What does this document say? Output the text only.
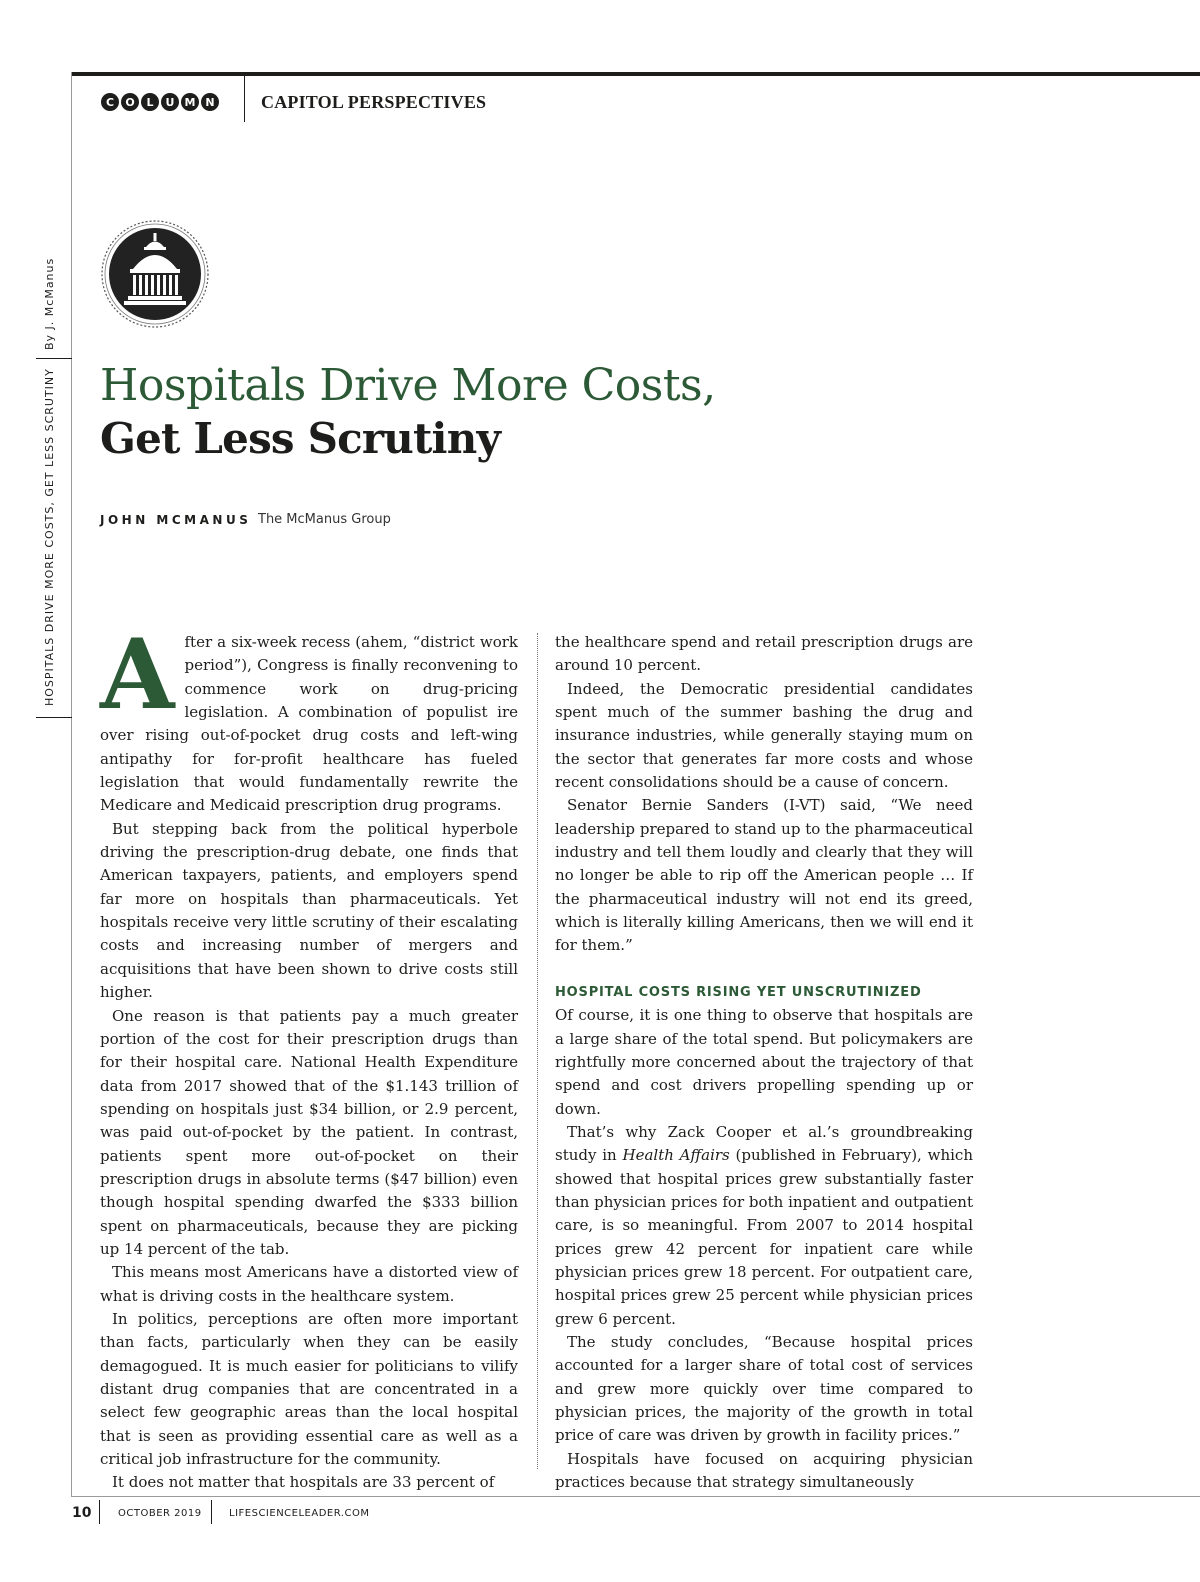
C	O	L	U M N	CAPITOL PERSPECTIVES
By J. McManus
HOSPITALS DRIVE MORE COSTS, GET LESS SCRUTINY Hospitals Drive More Costs,
Get Less Scrutiny
JOHN MCMANUS The McManus Group
A fter a six-week recess (ahem, “district work period”), Congress is finally reconvening to commence work on drug-pricing legislation. A combination of populist ire over rising out-of-pocket drug costs and left-wing antipathy for for-profit healthcare has fueled legislation that would fundamentally rewrite the Medicare and Medicaid prescription drug programs.

But stepping back from the political hyperbole driving the prescription-drug debate, one finds that American taxpayers, patients, and employers spend far more on hospitals than pharmaceuticals. Yet hospitals receive very little scrutiny of their escalating costs and increasing number of mergers and acquisitions that have been shown to drive costs still higher.

One reason is that patients pay a much greater portion of the cost for their prescription drugs than for their hospital care. National Health Expenditure data from 2017 showed that of the $1.143 trillion of spending on hospitals just $34 billion, or 2.9 percent, was paid out-of-pocket by the patient. In contrast, patients spent more out-of-pocket on their prescription drugs in absolute terms ($47 billion) even though hospital spending dwarfed the $333 billion spent on pharmaceuticals, because they are picking up 14 percent of the tab.

This means most Americans have a distorted view of what is driving costs in the healthcare system.

In politics, perceptions are often more important than facts, particularly when they can be easily demagogued. It is much easier for politicians to vilify distant drug companies that are concentrated in a select few geographic areas than the local hospital that is seen as providing essential care as well as a critical job infrastructure for the community.

It does not matter that hospitals are 33 percent of

the healthcare spend and retail prescription drugs are around 10 percent.

Indeed, the Democratic presidential candidates spent much of the summer bashing the drug and insurance industries, while generally staying mum on the sector that generates far more costs and whose recent consolidations should be a cause of concern.

Senator Bernie Sanders (I-VT) said, “We need leadership prepared to stand up to the pharmaceutical industry and tell them loudly and clearly that they will no longer be able to rip off the American people … If the pharmaceutical industry will not end its greed, which is literally killing Americans, then we will end it for them.”

HOSPITAL COSTS RISING YET UNSCRUTINIZED

Of course, it is one thing to observe that hospitals are a large share of the total spend. But policymakers are rightfully more concerned about the trajectory of that spend and cost drivers propelling spending up or down.

That’s why Zack Cooper et al.’s groundbreaking study in Health Affairs (published in February), which showed that hospital prices grew substantially faster than physician prices for both inpatient and outpatient care, is so meaningful. From 2007 to 2014 hospital prices grew 42 percent for inpatient care while physician prices grew 18 percent. For outpatient care, hospital prices grew 25 percent while physician prices grew 6 percent.

The study concludes, “Because hospital prices accounted for a larger share of total cost of services and grew more quickly over time compared to physician prices, the majority of the growth in total price of care was driven by growth in facility prices.”

Hospitals have focused on acquiring physician practices because that strategy simultaneously

10	OCTOBER 2019	LIFESCIENCELEADER.COM
